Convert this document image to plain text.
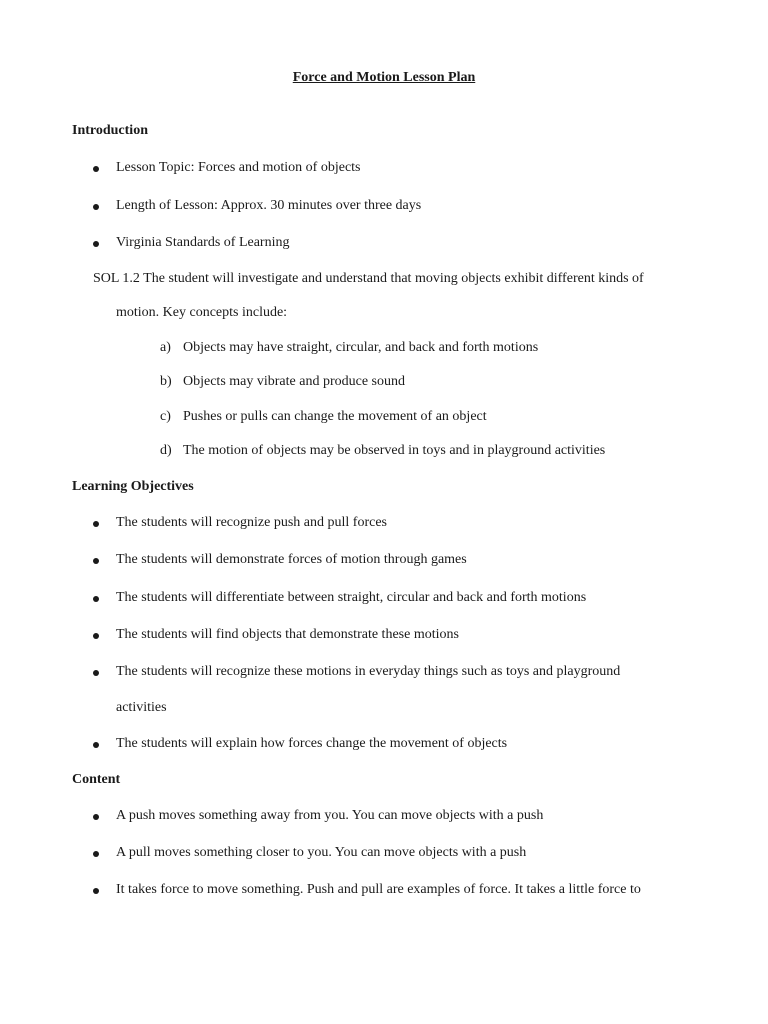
Force and Motion Lesson Plan
Introduction
Lesson Topic: Forces and motion of objects
Length of Lesson: Approx. 30 minutes over three days
Virginia Standards of Learning
SOL 1.2 The student will investigate and understand that moving objects exhibit different kinds of
motion. Key concepts include:
a) Objects may have straight, circular, and back and forth motions
b) Objects may vibrate and produce sound
c) Pushes or pulls can change the movement of an object
d) The motion of objects may be observed in toys and in playground activities
Learning Objectives
The students will recognize push and pull forces
The students will demonstrate forces of motion through games
The students will differentiate between straight, circular and back and forth motions
The students will find objects that demonstrate these motions
The students will recognize these motions in everyday things such as toys and playground
activities
The students will explain how forces change the movement of objects
Content
A push moves something away from you. You can move objects with a push
A pull moves something closer to you. You can move objects with a push
It takes force to move something. Push and pull are examples of force. It takes a little force to
